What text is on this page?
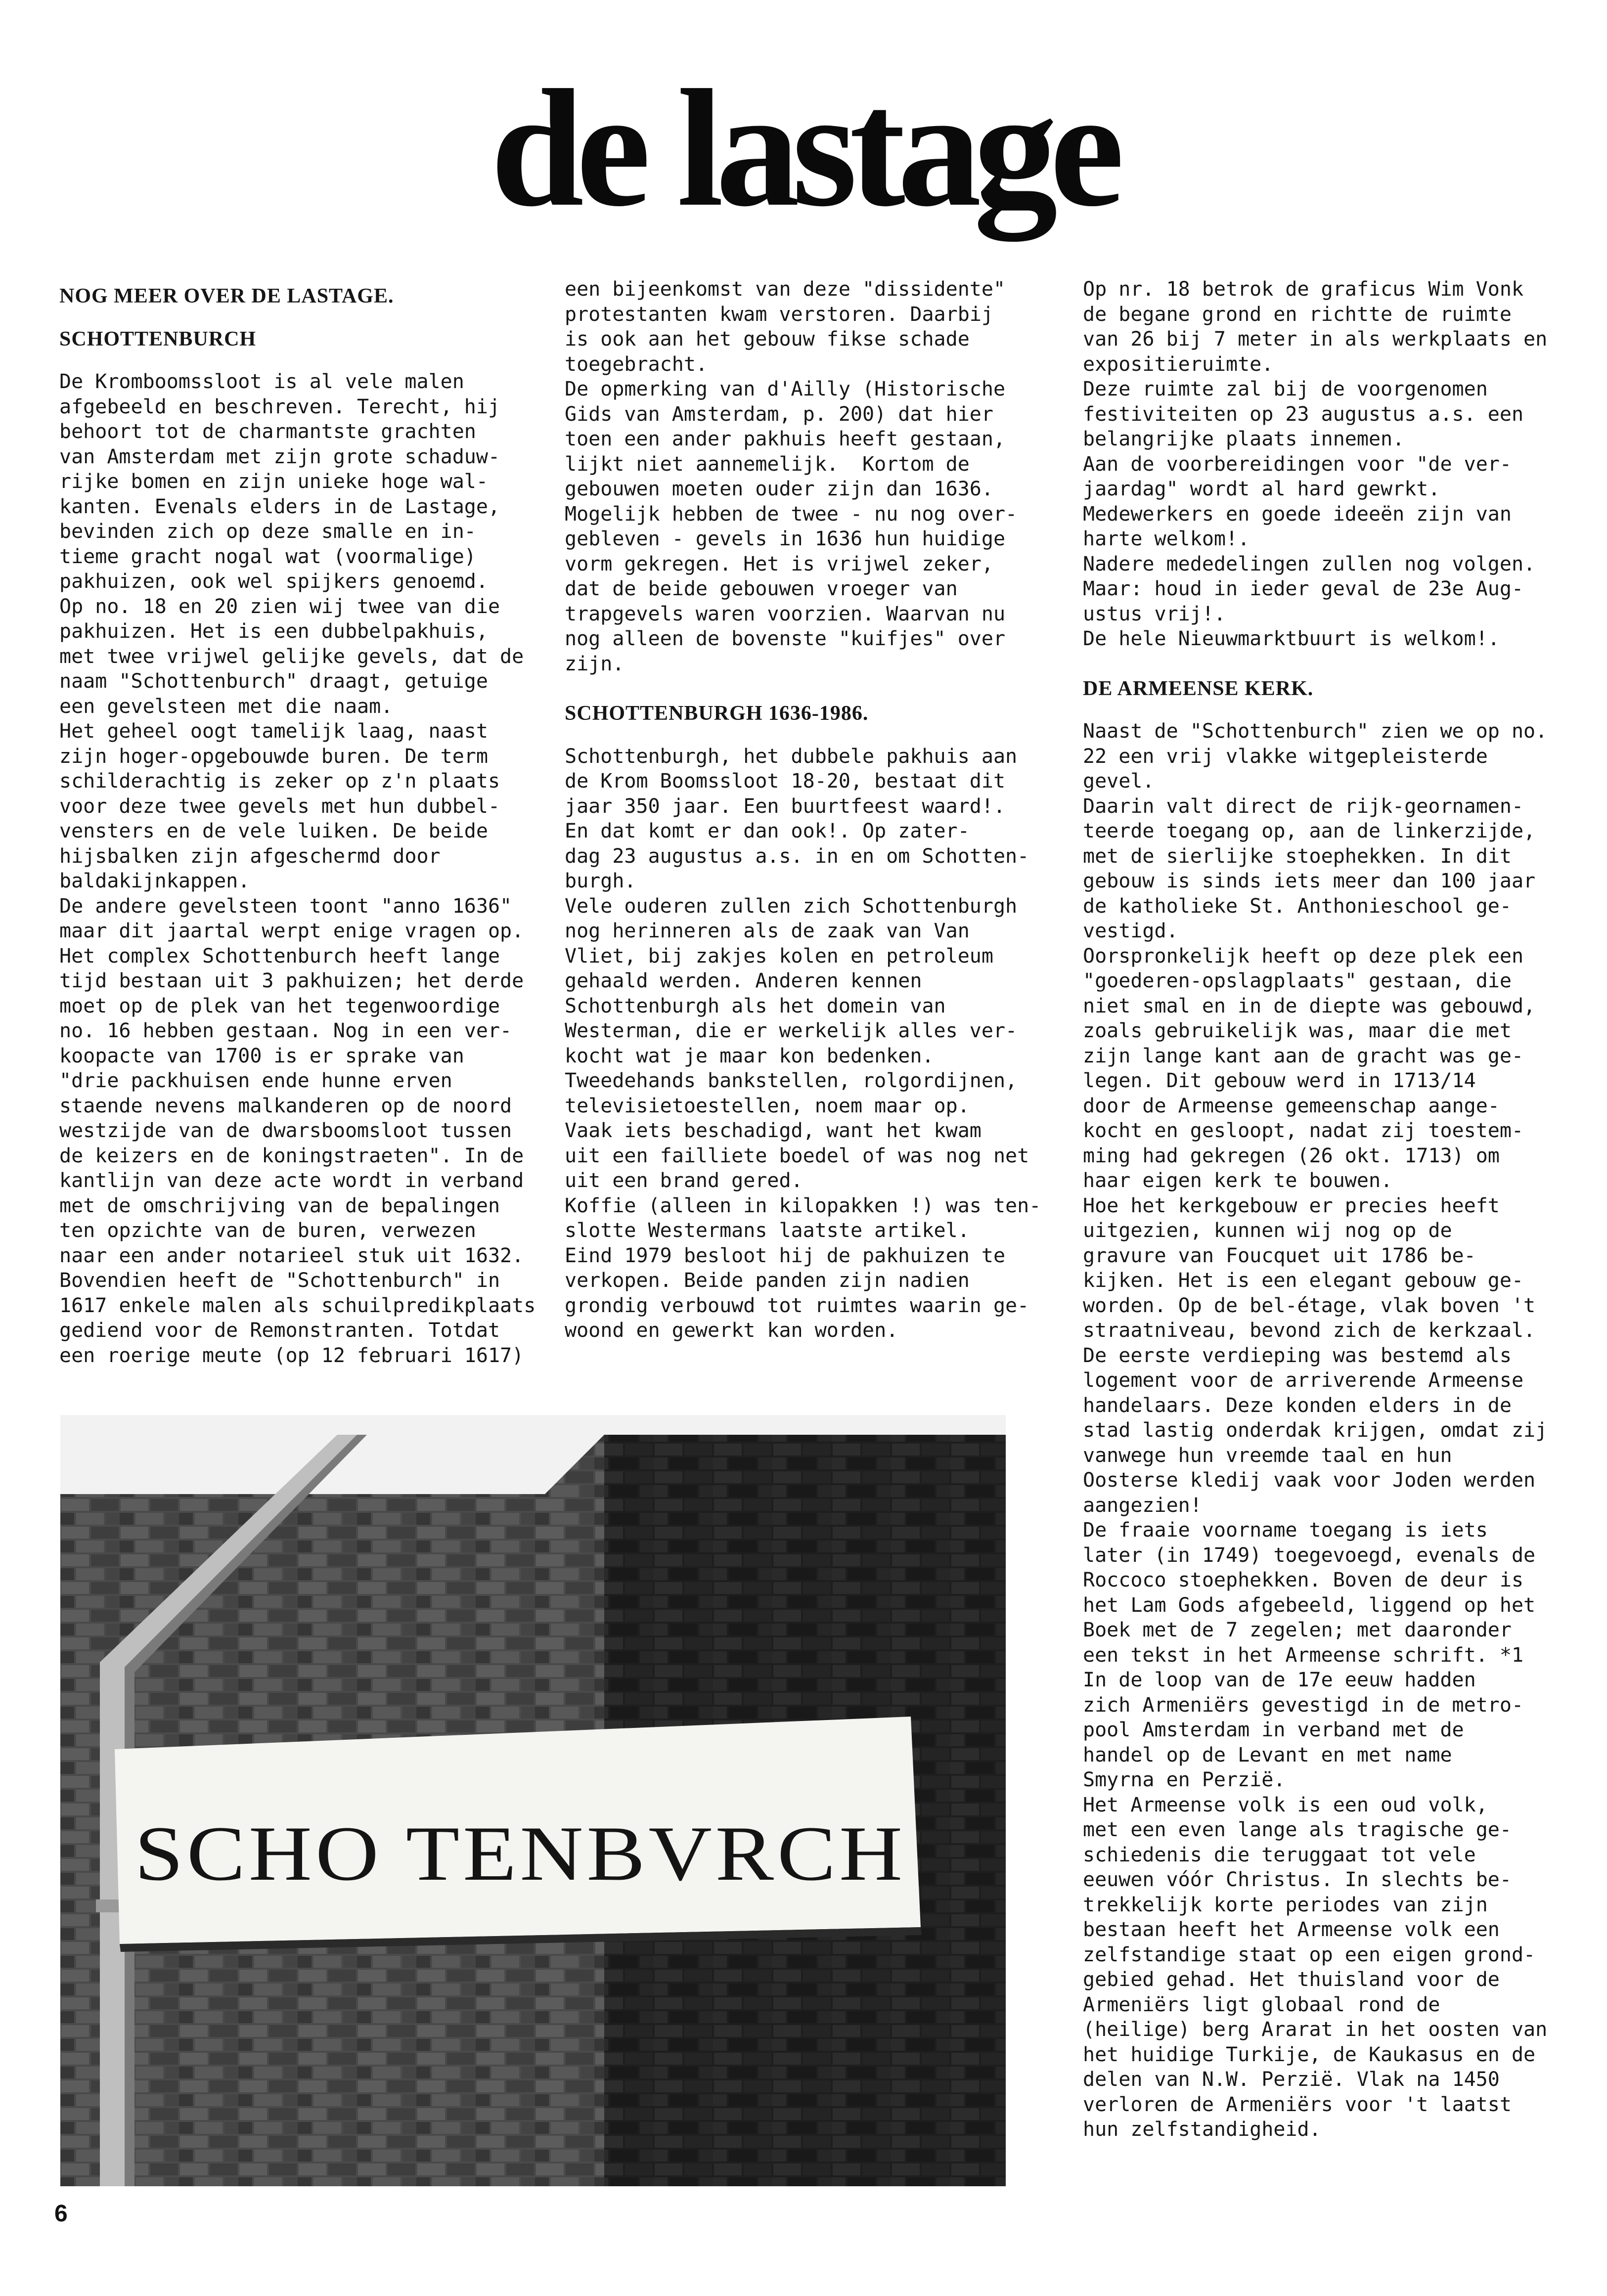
de lastage
NOG MEER OVER DE LASTAGE.
SCHOTTENBURCH
De Kromboomssloot is al vele malen
afgebeeld en beschreven. Terecht, hij
behoort tot de charmantste grachten
van Amsterdam met zijn grote schaduw-
rijke bomen en zijn unieke hoge wal-
kanten. Evenals elders in de Lastage,
bevinden zich op deze smalle en in-
tieme gracht nogal wat (voormalige)
pakhuizen, ook wel spijkers genoemd.
Op no. 18 en 20 zien wij twee van die
pakhuizen. Het is een dubbelpakhuis,
met twee vrijwel gelijke gevels, dat de
naam "Schottenburch" draagt, getuige
een gevelsteen met die naam.
Het geheel oogt tamelijk laag, naast
zijn hoger-opgebouwde buren. De term
schilderachtig is zeker op z'n plaats
voor deze twee gevels met hun dubbel-
vensters en de vele luiken. De beide
hijsbalken zijn afgeschermd door
baldakijnkappen.
De andere gevelsteen toont "anno 1636"
maar dit jaartal werpt enige vragen op.
Het complex Schottenburch heeft lange
tijd bestaan uit 3 pakhuizen; het derde
moet op de plek van het tegenwoordige
no. 16 hebben gestaan. Nog in een ver-
koopacte van 1700 is er sprake van
"drie packhuisen ende hunne erven
staende nevens malkanderen op de noord
westzijde van de dwarsboomsloot tussen
de keizers en de koningstraeten". In de
kantlijn van deze acte wordt in verband
met de omschrijving van de bepalingen
ten opzichte van de buren, verwezen
naar een ander notarieel stuk uit 1632.
Bovendien heeft de "Schottenburch" in
1617 enkele malen als schuilpredikplaats
gediend voor de Remonstranten. Totdat
een roerige meute (op 12 februari 1617)
een bijeenkomst van deze "dissidente"
protestanten kwam verstoren. Daarbij
is ook aan het gebouw fikse schade
toegebracht.
De opmerking van d'Ailly (Historische
Gids van Amsterdam, p. 200) dat hier
toen een ander pakhuis heeft gestaan,
lijkt niet aannemelijk.  Kortom de
gebouwen moeten ouder zijn dan 1636.
Mogelijk hebben de twee - nu nog over-
gebleven - gevels in 1636 hun huidige
vorm gekregen. Het is vrijwel zeker,
dat de beide gebouwen vroeger van
trapgevels waren voorzien. Waarvan nu
nog alleen de bovenste "kuifjes" over
zijn.
SCHOTTENBURGH 1636-1986.
Schottenburgh, het dubbele pakhuis aan
de Krom Boomssloot 18-20, bestaat dit
jaar 350 jaar. Een buurtfeest waard!.
En dat komt er dan ook!. Op zater-
dag 23 augustus a.s. in en om Schotten-
burgh.
Vele ouderen zullen zich Schottenburgh
nog herinneren als de zaak van Van
Vliet, bij zakjes kolen en petroleum
gehaald werden. Anderen kennen
Schottenburgh als het domein van
Westerman, die er werkelijk alles ver-
kocht wat je maar kon bedenken.
Tweedehands bankstellen, rolgordijnen,
televisietoestellen, noem maar op.
Vaak iets beschadigd, want het kwam
uit een failliete boedel of was nog net
uit een brand gered.
Koffie (alleen in kilopakken !) was ten-
slotte Westermans laatste artikel.
Eind 1979 besloot hij de pakhuizen te
verkopen. Beide panden zijn nadien
grondig verbouwd tot ruimtes waarin ge-
woond en gewerkt kan worden.
Op nr. 18 betrok de graficus Wim Vonk
de begane grond en richtte de ruimte
van 26 bij 7 meter in als werkplaats en
expositieruimte.
Deze ruimte zal bij de voorgenomen
festiviteiten op 23 augustus a.s. een
belangrijke plaats innemen.
Aan de voorbereidingen voor "de ver-
jaardag" wordt al hard gewrkt.
Medewerkers en goede ideeën zijn van
harte welkom!.
Nadere mededelingen zullen nog volgen.
Maar: houd in ieder geval de 23e Aug-
ustus vrij!.
De hele Nieuwmarktbuurt is welkom!.
DE ARMEENSE KERK.
Naast de "Schottenburch" zien we op no.
22 een vrij vlakke witgepleisterde gevel.
Daarin valt direct de rijk-geornamen-
teerde toegang op, aan de linkerzijde,
met de sierlijke stoephekken. In dit
gebouw is sinds iets meer dan 100 jaar
de katholieke St. Anthonieschool ge-
vestigd.
Oorspronkelijk heeft op deze plek een
"goederen-opslagplaats" gestaan, die
niet smal en in de diepte was gebouwd,
zoals gebruikelijk was, maar die met
zijn lange kant aan de gracht was ge-
legen. Dit gebouw werd in 1713/14
door de Armeense gemeenschap aange-
kocht en gesloopt, nadat zij toestem-
ming had gekregen (26 okt. 1713) om
haar eigen kerk te bouwen.
Hoe het kerkgebouw er precies heeft
uitgezien, kunnen wij nog op de
gravure van Foucquet uit 1786 be-
kijken. Het is een elegant gebouw ge-
worden. Op de bel-étage, vlak boven 't
straatniveau, bevond zich de kerkzaal.
De eerste verdieping was bestemd als
logement voor de arriverende Armeense
handelaars. Deze konden elders in de
stad lastig onderdak krijgen, omdat zij
vanwege hun vreemde taal en hun
Oosterse kledij vaak voor Joden werden
aangezien!
De fraaie voorname toegang is iets
later (in 1749) toegevoegd, evenals de
Roccoco stoephekken. Boven de deur is
het Lam Gods afgebeeld, liggend op het
Boek met de 7 zegelen; met daaronder
een tekst in het Armeense schrift. *1
In de loop van de 17e eeuw hadden
zich Armeniërs gevestigd in de metro-
pool Amsterdam in verband met de
handel op de Levant en met name
Smyrna en Perzië.
Het Armeense volk is een oud volk,
met een even lange als tragische ge-
schiedenis die teruggaat tot vele
eeuwen vóór Christus. In slechts be-
trekkelijk korte periodes van zijn
bestaan heeft het Armeense volk een
zelfstandige staat op een eigen grond-
gebied gehad. Het thuisland voor de
Armeniërs ligt globaal rond de
(heilige) berg Ararat in het oosten van
het huidige Turkije, de Kaukasus en de
delen van N.W. Perzië. Vlak na 1450
verloren de Armeniërs voor 't laatst
hun zelfstandigheid.
SCHO TENBVRCH
6
